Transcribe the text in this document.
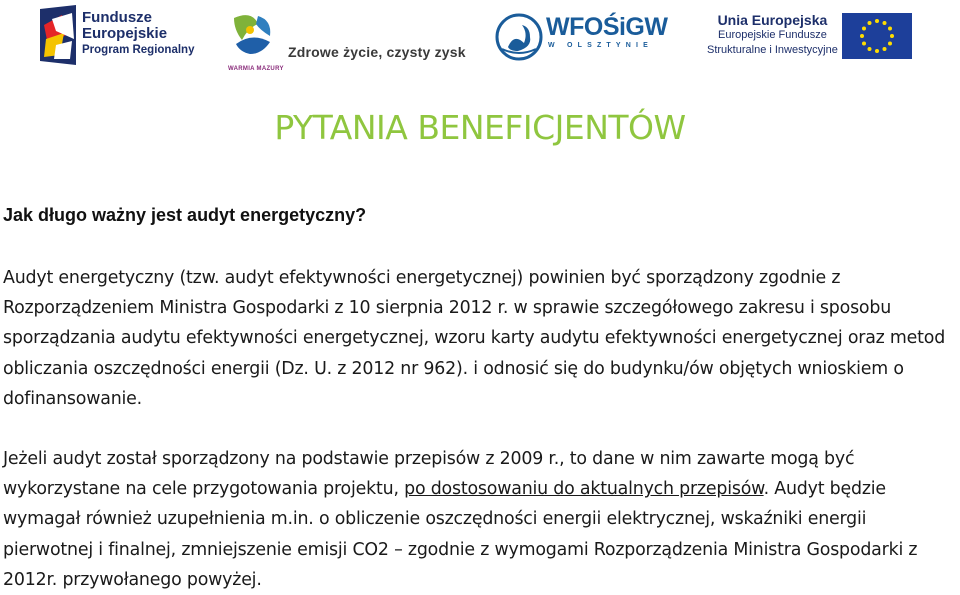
Fundusze
Europejskie
Program Regionalny
WARMIA MAZURY
Zdrowe życie, czysty zysk
WFOŚiGW
W OLSZTYNIE
Unia Europejska
Europejskie Fundusze
Strukturalne i Inwestycyjne
PYTANIA BENEFICJENTÓW
Jak długo ważny jest audyt energetyczny?
Audyt energetyczny (tzw. audyt efektywności energetycznej) powinien być sporządzony zgodnie z Rozporządzeniem Ministra Gospodarki z 10 sierpnia 2012 r. w sprawie szczegółowego zakresu i sposobu sporządzania audytu efektywności energetycznej, wzoru karty audytu efektywności energetycznej oraz metod obliczania oszczędności energii (Dz. U. z 2012 nr 962). i odnosić się do budynku/ów objętych wnioskiem o dofinansowanie.
Jeżeli audyt został sporządzony na podstawie przepisów z 2009 r., to dane w nim zawarte mogą być wykorzystane na cele przygotowania projektu, po dostosowaniu do aktualnych przepisów. Audyt będzie wymagał również uzupełnienia m.in. o obliczenie oszczędności energii elektrycznej, wskaźniki energii pierwotnej i finalnej, zmniejszenie emisji CO2 – zgodnie z wymogami Rozporządzenia Ministra Gospodarki z 2012r. przywołanego powyżej.
